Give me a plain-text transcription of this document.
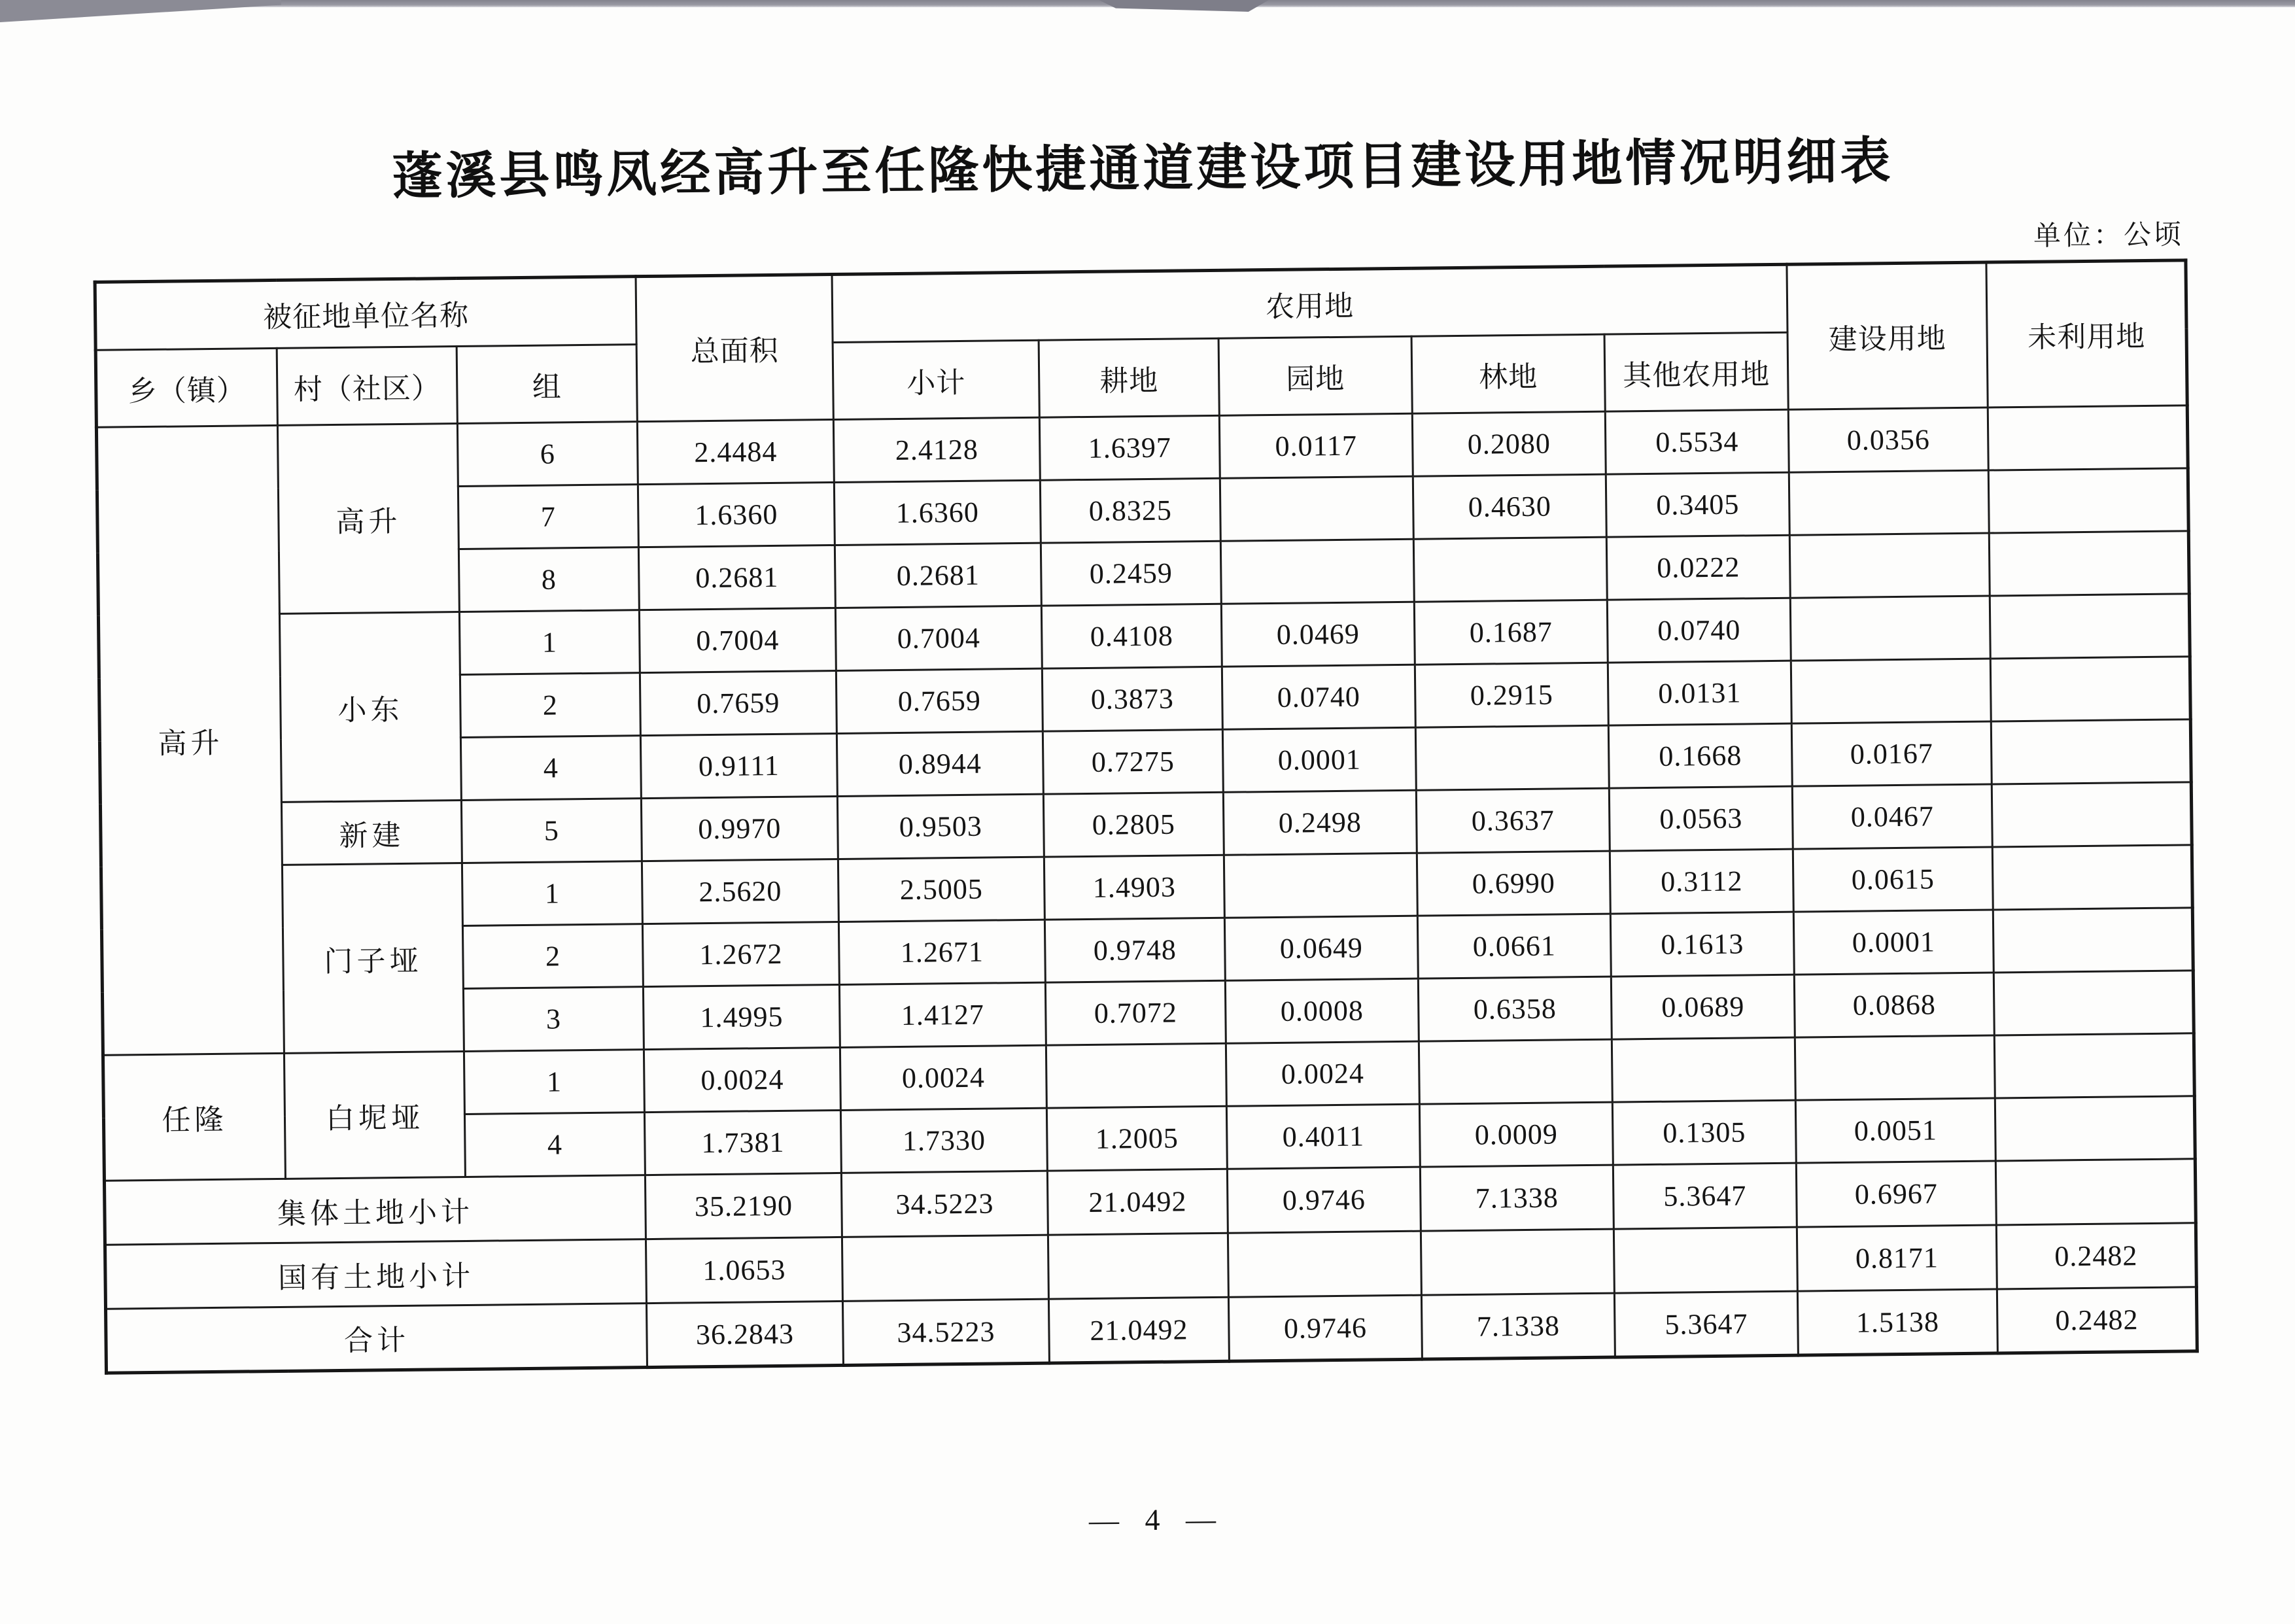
蓬溪县鸣凤经高升至任隆快捷通道建设项目建设用地情况明细表
单位：公顷
被征地单位名称			总面积	农用地					建设用地	未利用地
乡（镇）	村（社区）	组		小计	耕地	园地	林地	其他农用地		
高升	高升	6	2.4484	2.4128	1.6397	0.0117	0.2080	0.5534	0.0356	
		7	1.6360	1.6360	0.8325		0.4630	0.3405		
		8	0.2681	0.2681	0.2459			0.0222		
	小东	1	0.7004	0.7004	0.4108	0.0469	0.1687	0.0740		
		2	0.7659	0.7659	0.3873	0.0740	0.2915	0.0131		
		4	0.9111	0.8944	0.7275	0.0001		0.1668	0.0167	
	新建	5	0.9970	0.9503	0.2805	0.2498	0.3637	0.0563	0.0467	
	门子垭	1	2.5620	2.5005	1.4903		0.6990	0.3112	0.0615	
		2	1.2672	1.2671	0.9748	0.0649	0.0661	0.1613	0.0001	
		3	1.4995	1.4127	0.7072	0.0008	0.6358	0.0689	0.0868	
任隆	白坭垭	1	0.0024	0.0024		0.0024				
		4	1.7381	1.7330	1.2005	0.4011	0.0009	0.1305	0.0051	
集体土地小计			35.2190	34.5223	21.0492	0.9746	7.1338	5.3647	0.6967	
国有土地小计			1.0653						0.8171	0.2482
合计			36.2843	34.5223	21.0492	0.9746	7.1338	5.3647	1.5138	0.2482
— 4 —
